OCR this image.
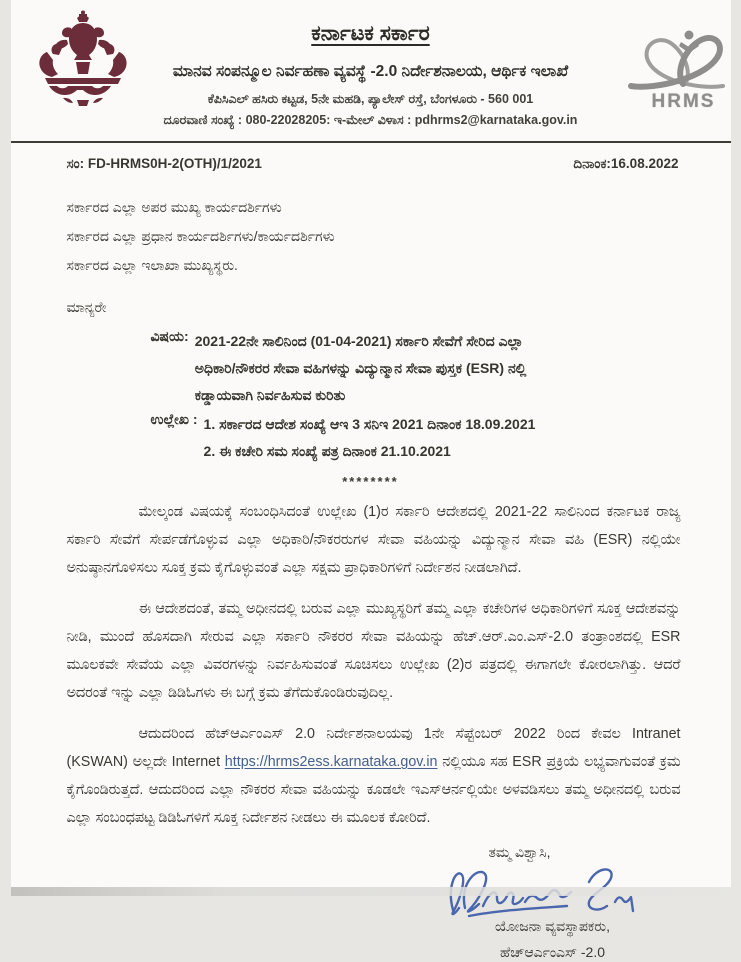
ಕರ್ನಾಟಕ ಸರ್ಕಾರ
ಮಾನವ ಸಂಪನ್ಮೂಲ ನಿರ್ವಹಣಾ ವ್ಯವಸ್ಥೆ -2.0 ನಿರ್ದೇಶನಾಲಯ, ಆರ್ಥಿಕ ಇಲಾಖೆ
ಕೆಪಿಸಿಎಲ್ ಹಸಿರು ಕಟ್ಟಡ, 5ನೇ ಮಹಡಿ, ಪ್ಯಾಲೇಸ್ ರಸ್ತೆ, ಬೆಂಗಳೂರು - 560 001
ದೂರವಾಣಿ ಸಂಖ್ಯೆ : 080-22028205: ಇ-ಮೇಲ್ ವಿಳಾಸ : pdhrms2@karnataka.gov.in
HRMS
ಸಂ: FD-HRMS0H-2(OTH)/1/2021	ದಿನಾಂಕ:16.08.2022
ಸರ್ಕಾರದ ಎಲ್ಲಾ ಅಪರ ಮುಖ್ಯ ಕಾರ್ಯದರ್ಶಿಗಳು
ಸರ್ಕಾರದ ಎಲ್ಲಾ ಪ್ರಧಾನ ಕಾರ್ಯದರ್ಶಿಗಳು/ಕಾರ್ಯದರ್ಶಿಗಳು
ಸರ್ಕಾರದ ಎಲ್ಲಾ ಇಲಾಖಾ ಮುಖ್ಯಸ್ಥರು.
ಮಾನ್ಯರೇ
ವಿಷಯ: 2021-22ನೇ ಸಾಲಿನಿಂದ (01-04-2021) ಸರ್ಕಾರಿ ಸೇವೆಗೆ ಸೇರಿದ ಎಲ್ಲಾ
ಅಧಿಕಾರಿ/ನೌಕರರ ಸೇವಾ ವಹಿಗಳನ್ನು ವಿದ್ಯುನ್ಮಾನ ಸೇವಾ ಪುಸ್ತಕ (ESR) ನಲ್ಲಿ
ಕಡ್ಡಾಯವಾಗಿ ನಿರ್ವಹಿಸುವ ಕುರಿತು
ಉಲ್ಲೇಖ : 1. ಸರ್ಕಾರದ ಆದೇಶ ಸಂಖ್ಯೆ ಆಇ 3 ಸನಿಇ 2021 ದಿನಾಂಕ 18.09.2021
2. ಈ ಕಚೇರಿ ಸಮ ಸಂಖ್ಯೆ ಪತ್ರ ದಿನಾಂಕ 21.10.2021
********

ಮೇಲ್ಕಂಡ ವಿಷಯಕ್ಕೆ ಸಂಬಂಧಿಸಿದಂತೆ ಉಲ್ಲೇಖ (1)ರ ಸರ್ಕಾರಿ ಆದೇಶದಲ್ಲಿ 2021-22 ಸಾಲಿನಿಂದ ಕರ್ನಾಟಕ ರಾಜ್ಯ ಸರ್ಕಾರಿ ಸೇವೆಗೆ ಸೇರ್ಪಡೆಗೊಳ್ಳುವ ಎಲ್ಲಾ ಅಧಿಕಾರಿ/ನೌಕರರುಗಳ ಸೇವಾ ವಹಿಯನ್ನು ವಿದ್ಯುನ್ಮಾನ ಸೇವಾ ವಹಿ (ESR) ನಲ್ಲಿಯೇ ಅನುಷ್ಠಾನಗೊಳಿಸಲು ಸೂಕ್ತ ಕ್ರಮ ಕೈಗೊಳ್ಳುವಂತೆ ಎಲ್ಲಾ ಸಕ್ಷಮ ಪ್ರಾಧಿಕಾರಿಗಳಿಗೆ ನಿರ್ದೇಶನ ನೀಡಲಾಗಿದೆ.

ಈ ಆದೇಶದಂತೆ, ತಮ್ಮ ಅಧೀನದಲ್ಲಿ ಬರುವ ಎಲ್ಲಾ ಮುಖ್ಯಸ್ಥರಿಗೆ ತಮ್ಮ ಎಲ್ಲಾ ಕಚೇರಿಗಳ ಅಧಿಕಾರಿಗಳಿಗೆ ಸೂಕ್ತ ಆದೇಶವನ್ನು ನೀಡಿ, ಮುಂದೆ ಹೊಸದಾಗಿ ಸೇರುವ ಎಲ್ಲಾ ಸರ್ಕಾರಿ ನೌಕರರ ಸೇವಾ ವಹಿಯನ್ನು ಹೆಚ್.ಆರ್.ಎಂ.ಎಸ್-2.0 ತಂತ್ರಾಂಶದಲ್ಲಿ ESR ಮೂಲಕವೇ ಸೇವೆಯ ಎಲ್ಲಾ ವಿವರಗಳನ್ನು ನಿರ್ವಹಿಸುವಂತೆ ಸೂಚಿಸಲು ಉಲ್ಲೇಖ (2)ರ ಪತ್ರದಲ್ಲಿ ಈಗಾಗಲೇ ಕೋರಲಾಗಿತ್ತು. ಆದರೆ ಅದರಂತೆ ಇನ್ನು ಎಲ್ಲಾ ಡಿಡಿಓಗಳು ಈ ಬಗ್ಗೆ ಕ್ರಮ ತೆಗೆದುಕೊಂಡಿರುವುದಿಲ್ಲ.

ಆದುದರಿಂದ ಹೆಚ್ಆರ್ಎಂಎಸ್ 2.0 ನಿರ್ದೇಶನಾಲಯವು 1ನೇ ಸೆಪ್ಟೆಂಬರ್ 2022 ರಿಂದ ಕೇವಲ Intranet (KSWAN) ಅಲ್ಲದೇ Internet https://hrms2ess.karnataka.gov.in ನಲ್ಲಿಯೂ ಸಹ ESR ಪ್ರಕ್ರಿಯೆ ಲಭ್ಯವಾಗುವಂತೆ ಕ್ರಮ ಕೈಗೊಂಡಿರುತ್ತದೆ. ಆದುದರಿಂದ ಎಲ್ಲಾ ನೌಕರರ ಸೇವಾ ವಹಿಯನ್ನು ಕೂಡಲೇ ಇಎಸ್ಆರ್ನಲ್ಲಿಯೇ ಅಳವಡಿಸಲು ತಮ್ಮ ಅಧೀನದಲ್ಲಿ ಬರುವ ಎಲ್ಲಾ ಸಂಬಂಧಪಟ್ಟ ಡಿಡಿಓಗಳಿಗೆ ಸೂಕ್ತ ನಿರ್ದೇಶನ ನೀಡಲು ಈ ಮೂಲಕ ಕೋರಿದೆ.

ತಮ್ಮ ವಿಶ್ವಾಸಿ,
ಯೋಜನಾ ವ್ಯವಸ್ಥಾಪಕರು,
ಹೆಚ್ಆರ್ಎಂಎಸ್ -2.0
